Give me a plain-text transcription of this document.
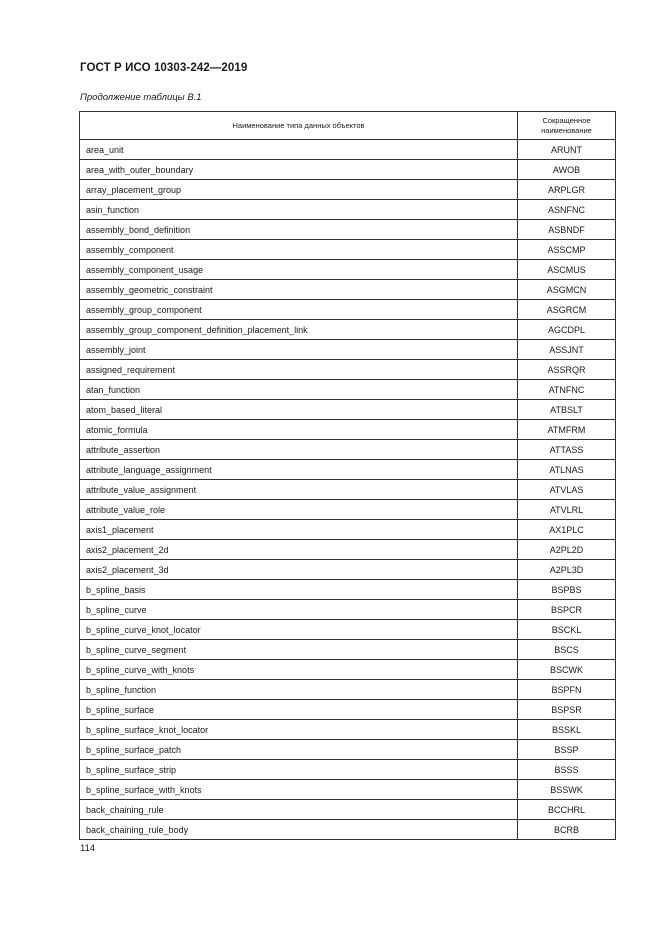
ГОСТ Р ИСО 10303-242—2019
Продолжение таблицы В.1
Наименование типа данных объектов	Сокращенное
наименование
area_unit	ARUNT
area_with_outer_boundary	AWOB
array_placement_group	ARPLGR
asin_function	ASNFNC
assembly_bond_definition	ASBNDF
assembly_component	ASSCMP
assembly_component_usage	ASCMUS
assembly_geometric_constraint	ASGMCN
assembly_group_component	ASGRCM
assembly_group_component_definition_placement_link	AGCDPL
assembly_joint	ASSJNT
assigned_requirement	ASSRQR
atan_function	ATNFNC
atom_based_literal	ATBSLT
atomic_formula	ATMFRM
attribute_assertion	ATTASS
attribute_language_assignment	ATLNAS
attribute_value_assignment	ATVLAS
attribute_value_role	ATVLRL
axis1_placement	AX1PLC
axis2_placement_2d	A2PL2D
axis2_placement_3d	A2PL3D
b_spline_basis	BSPBS
b_spline_curve	BSPCR
b_spline_curve_knot_locator	BSCKL
b_spline_curve_segment	BSCS
b_spline_curve_with_knots	BSCWK
b_spline_function	BSPFN
b_spline_surface	BSPSR
b_spline_surface_knot_locator	BSSKL
b_spline_surface_patch	BSSP
b_spline_surface_strip	BSSS
b_spline_surface_with_knots	BSSWK
back_chaining_rule	BCCHRL
back_chaining_rule_body	BCRB
114
